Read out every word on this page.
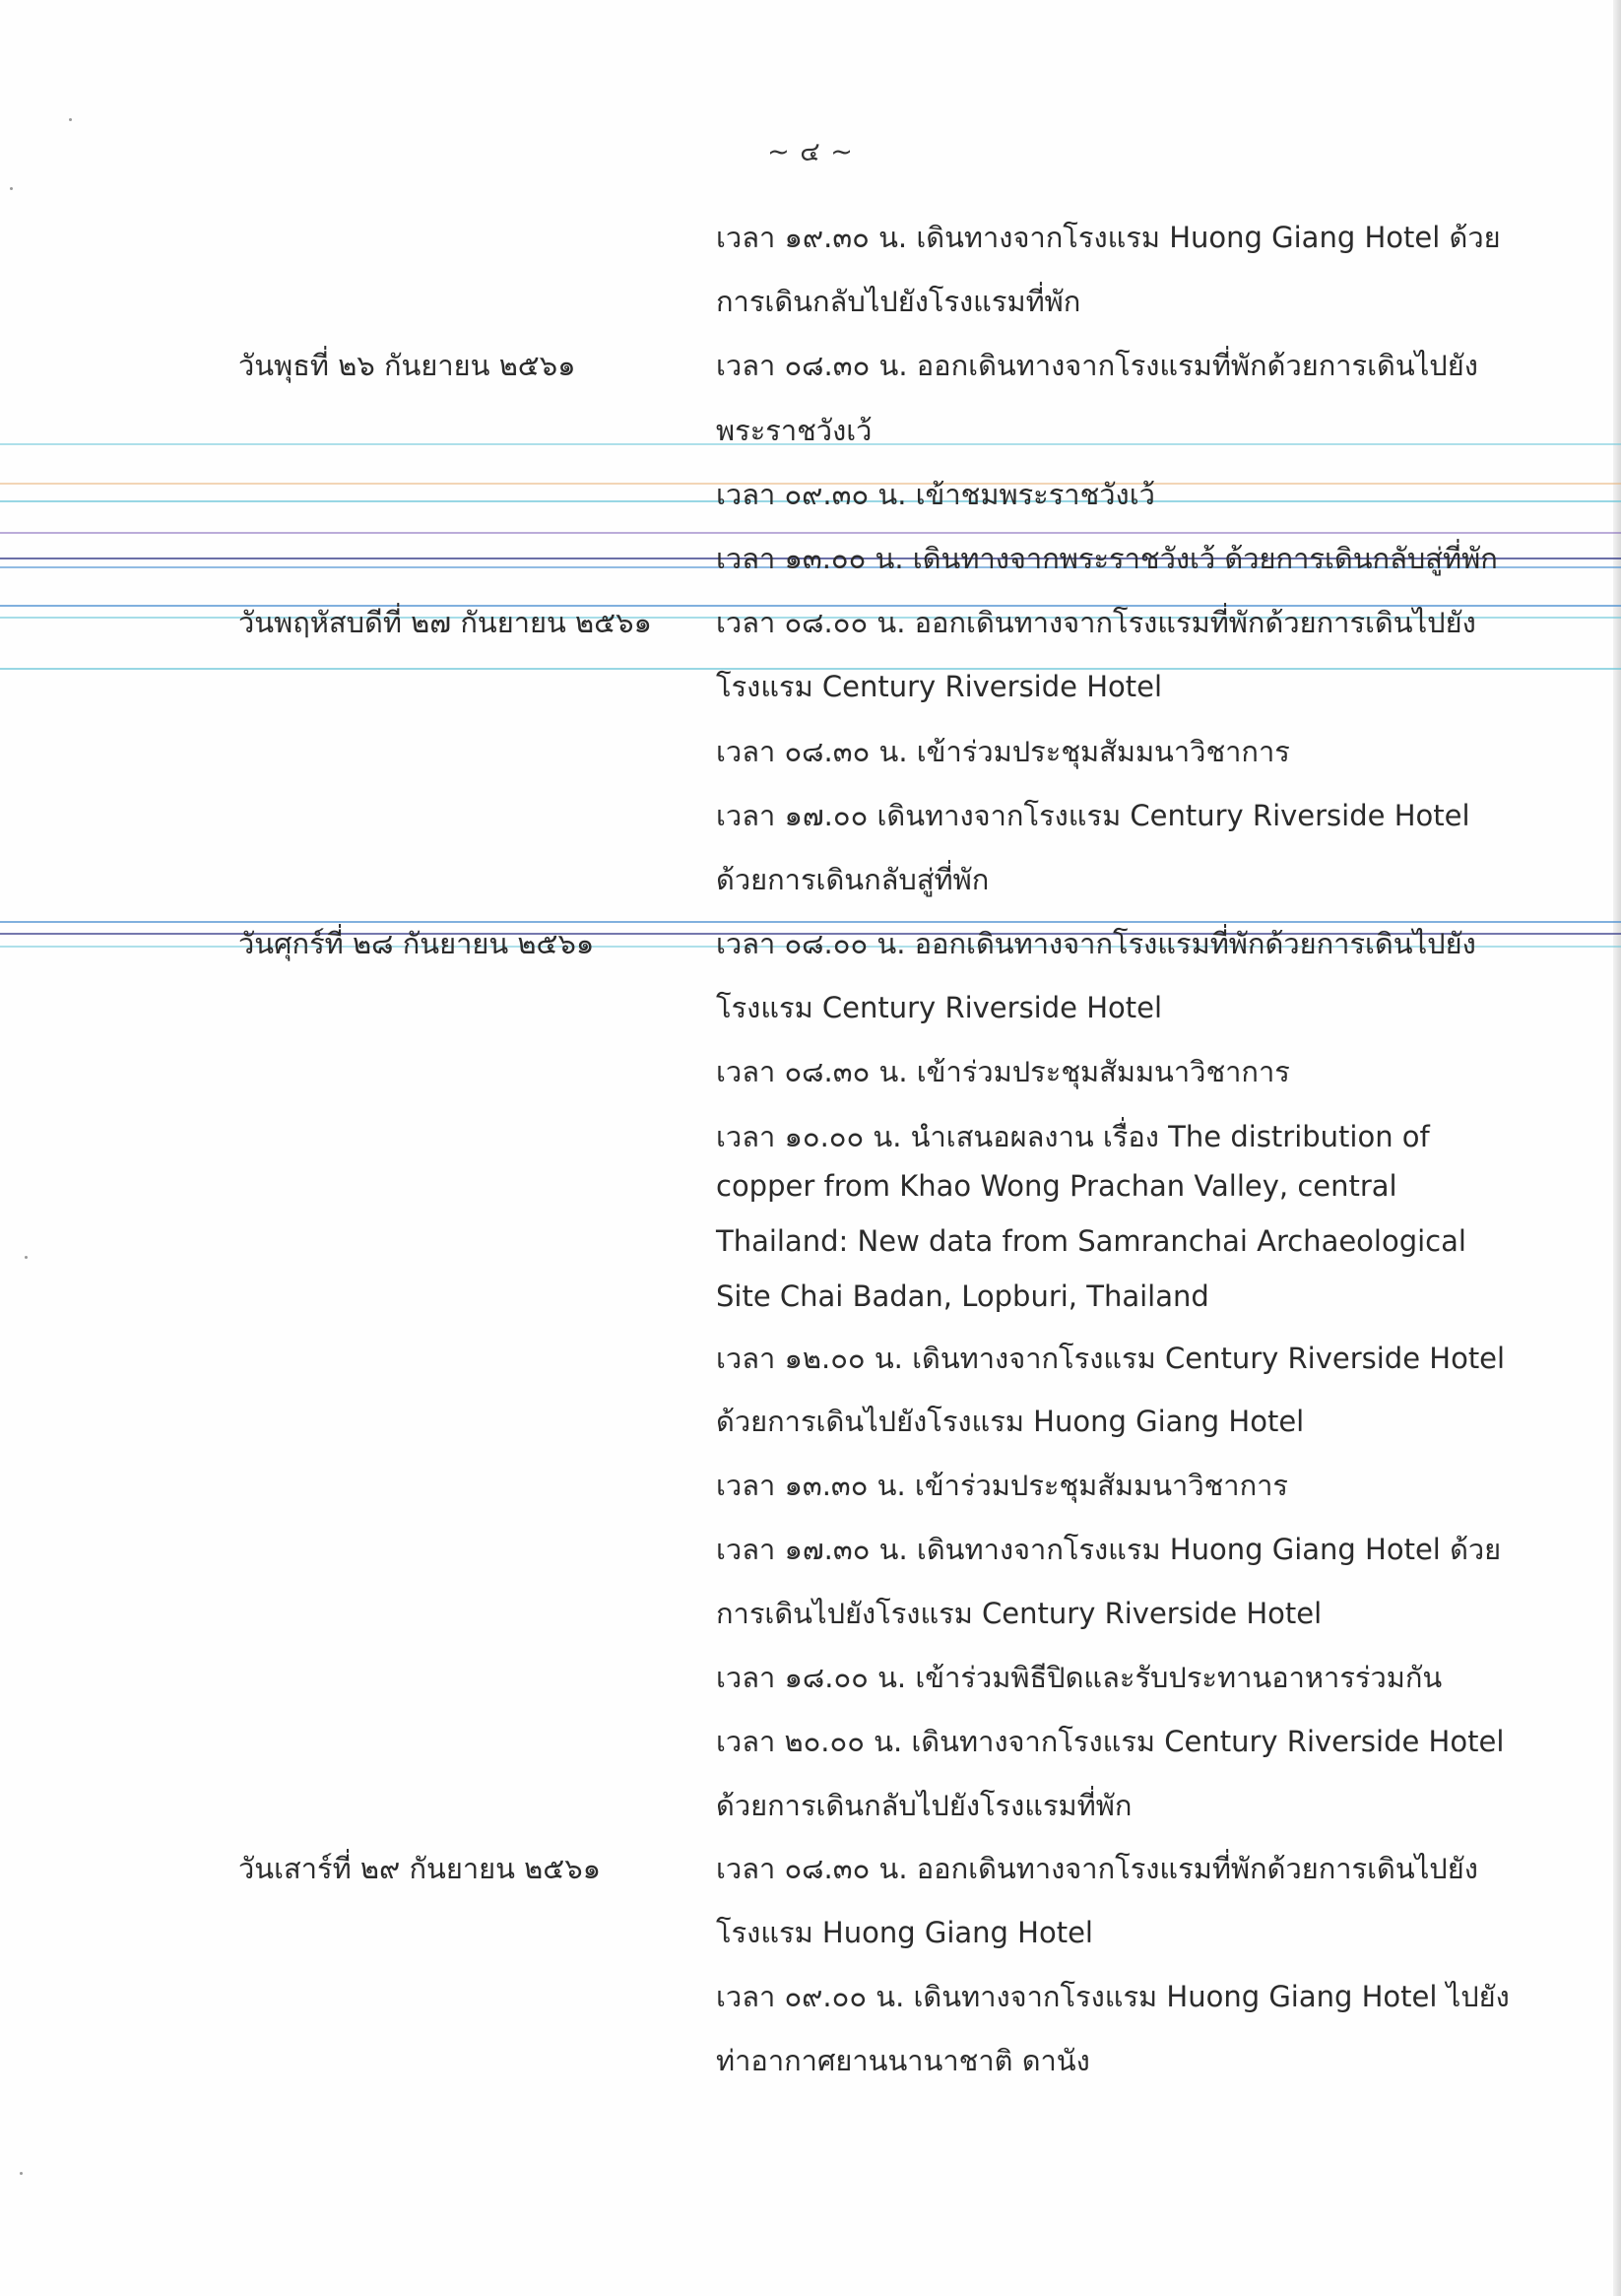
~ ๔ ~
วันพุธที่ ๒๖ กันยายน ๒๕๖๑
วันพฤหัสบดีที่ ๒๗ กันยายน ๒๕๖๑
วันศุกร์ที่ ๒๘ กันยายน ๒๕๖๑
วันเสาร์ที่ ๒๙ กันยายน ๒๕๖๑
เวลา ๑๙.๓๐ น. เดินทางจากโรงแรม Huong Giang Hotel ด้วย
การเดินกลับไปยังโรงแรมที่พัก
เวลา ๐๘.๓๐ น. ออกเดินทางจากโรงแรมที่พักด้วยการเดินไปยัง
พระราชวังเว้
เวลา ๐๙.๓๐ น. เข้าชมพระราชวังเว้
เวลา ๑๓.๐๐ น. เดินทางจากพระราชวังเว้ ด้วยการเดินกลับสู่ที่พัก
เวลา ๐๘.๐๐ น. ออกเดินทางจากโรงแรมที่พักด้วยการเดินไปยัง
โรงแรม Century Riverside Hotel
เวลา ๐๘.๓๐ น. เข้าร่วมประชุมสัมมนาวิชาการ
เวลา ๑๗.๐๐ เดินทางจากโรงแรม Century Riverside Hotel
ด้วยการเดินกลับสู่ที่พัก
เวลา ๐๘.๐๐ น. ออกเดินทางจากโรงแรมที่พักด้วยการเดินไปยัง
โรงแรม Century Riverside Hotel
เวลา ๐๘.๓๐ น. เข้าร่วมประชุมสัมมนาวิชาการ
เวลา ๑๐.๐๐ น. นำเสนอผลงาน เรื่อง The distribution of
copper from Khao Wong Prachan Valley, central
Thailand: New data from Samranchai Archaeological
Site Chai Badan, Lopburi, Thailand
เวลา ๑๒.๐๐ น. เดินทางจากโรงแรม Century Riverside Hotel
ด้วยการเดินไปยังโรงแรม Huong Giang Hotel
เวลา ๑๓.๓๐ น. เข้าร่วมประชุมสัมมนาวิชาการ
เวลา ๑๗.๓๐ น. เดินทางจากโรงแรม Huong Giang Hotel ด้วย
การเดินไปยังโรงแรม Century Riverside Hotel
เวลา ๑๘.๐๐ น. เข้าร่วมพิธีปิดและรับประทานอาหารร่วมกัน
เวลา ๒๐.๐๐ น. เดินทางจากโรงแรม Century Riverside Hotel
ด้วยการเดินกลับไปยังโรงแรมที่พัก
เวลา ๐๘.๓๐ น. ออกเดินทางจากโรงแรมที่พักด้วยการเดินไปยัง
โรงแรม Huong Giang Hotel
เวลา ๐๙.๐๐ น. เดินทางจากโรงแรม Huong Giang Hotel ไปยัง
ท่าอากาศยานนานาชาติ ดานัง
